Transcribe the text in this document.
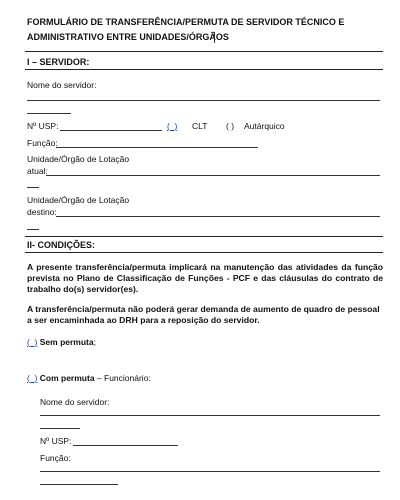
FORMULÁRIO DE TRANSFERÊNCIA/PERMUTA DE SERVIDOR TÉCNICO E
ADMINISTRATIVO ENTRE UNIDADES/ÓRGÃOS
I – SERVIDOR:
Nome do servidor:
Nº USP:	(_) CLT ( ) Autárquico
Função:
Unidade/Órgão de Lotação
atual:
Unidade/Órgão de Lotação
destino:
II- CONDIÇÕES:
A presente transferência/permuta implicará na manutenção das atividades da função prevista no Plano de Classificação de Funções - PCF e das cláusulas do contrato de trabalho do(s) servidor(es).
A transferência/permuta não poderá gerar demanda de aumento de quadro de pessoal a ser encaminhada ao DRH para a reposição do servidor.
(_) Sem permuta;
(_) Com permuta – Funcionário:
Nome do servidor:
Nº USP:
Função:
